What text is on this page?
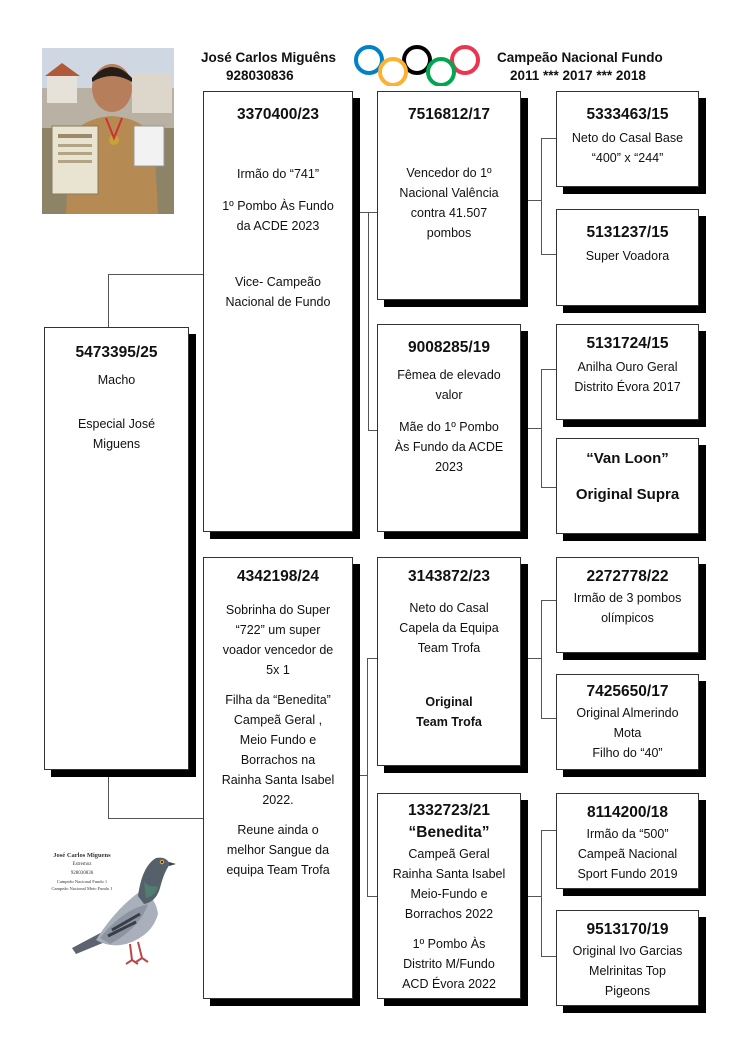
José Carlos Miguêns
928030836
Campeão Nacional Fundo
2011 *** 2017 *** 2018
5473395/25

Macho

Especial José
Miguens

3370400/23

Irmão do “741”

1º Pombo Às Fundo
da ACDE 2023

Vice- Campeão
Nacional de Fundo

4342198/24

Sobrinha do Super
“722” um super
voador vencedor de
5x 1

Filha da “Benedita”
Campeã Geral ,
Meio Fundo e
Borrachos na
Rainha Santa Isabel
2022.

Reune ainda o
melhor Sangue da
equipa Team Trofa

7516812/17

Vencedor do 1º
Nacional Valência
contra 41.507
pombos

9008285/19

Fêmea de elevado
valor

Mãe do 1º Pombo
Às Fundo da ACDE
2023

3143872/23

Neto do Casal
Capela da Equipa
Team Trofa

Original
Team Trofa

1332723/21
“Benedita”

Campeã Geral
Rainha Santa Isabel
Meio-Fundo e
Borrachos 2022

1º Pombo Às
Distrito M/Fundo
ACD Évora 2022

5333463/15

Neto do Casal Base
“400” x “244”

5131237/15

Super Voadora

5131724/15

Anilha Ouro Geral
Distrito Évora 2017

“Van Loon”

Original Supra

2272778/22

Irmão de 3 pombos
olímpicos

7425650/17

Original Almerindo
Mota
Filho do “40”

8114200/18

Irmão da “500”
Campeã Nacional
Sport Fundo 2019

9513170/19

Original Ivo Garcias
Melrinitas Top
Pigeons

José Carlos Miguens
Estremoz
928030836
Campeão Nacional Fundo 1
Campeão Nacional Meio Fundo 1
